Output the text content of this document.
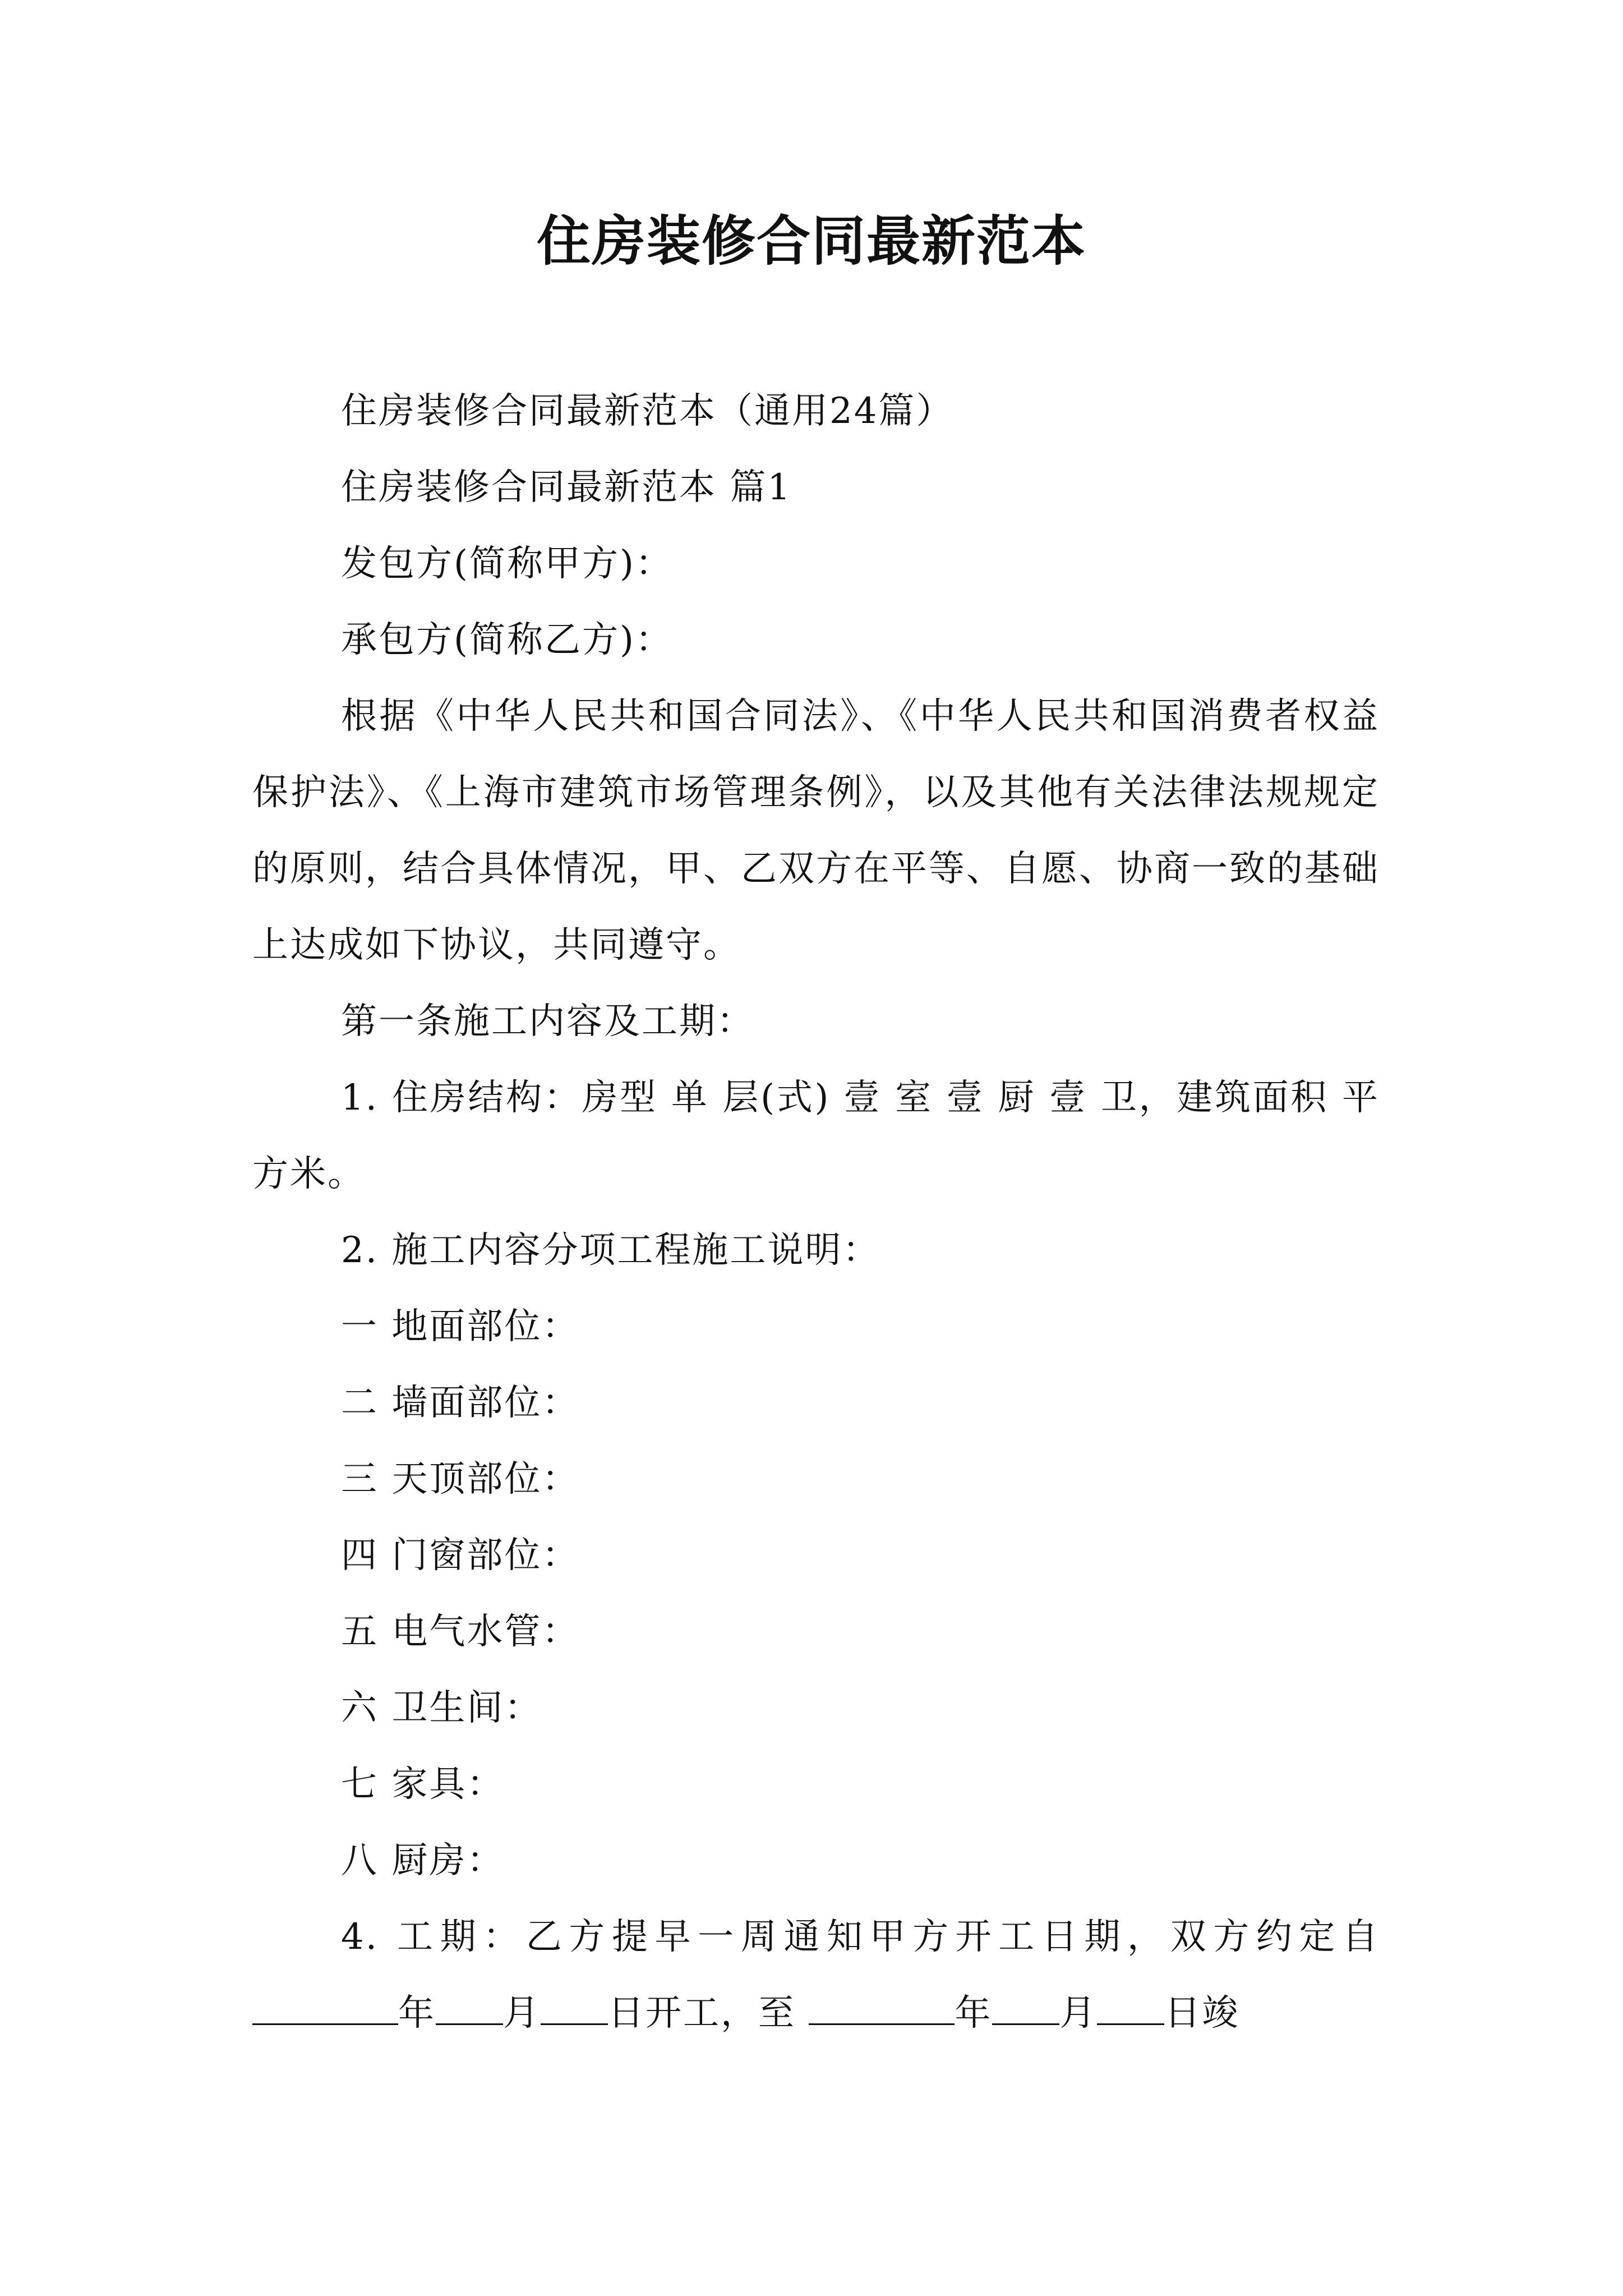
住房装修合同最新范本

住房装修合同最新范本（通用24篇）

住房装修合同最新范本 篇1

发包方(简称甲方)：

承包方(简称乙方)：

根据《中华人民共和国合同法》、《中华人民共和国消费者权益保护法》、《上海市建筑市场管理条例》，以及其他有关法律法规规定的原则，结合具体情况，甲、乙双方在平等、自愿、协商一致的基础上达成如下协议，共同遵守。

第一条施工内容及工期：

1. 住房结构：房型 单 层(式) 壹 室 壹 厨 壹 卫，建筑面积 平方米。

2. 施工内容分项工程施工说明：

一 地面部位：

二 墙面部位：

三 天顶部位：

四 门窗部位：

五 电气水管：

六 卫生间：

七 家具：

八 厨房：

4. 工期：乙方提早一周通知甲方开工日期，双方约定自年 月 日开工，至	年 月 日竣
